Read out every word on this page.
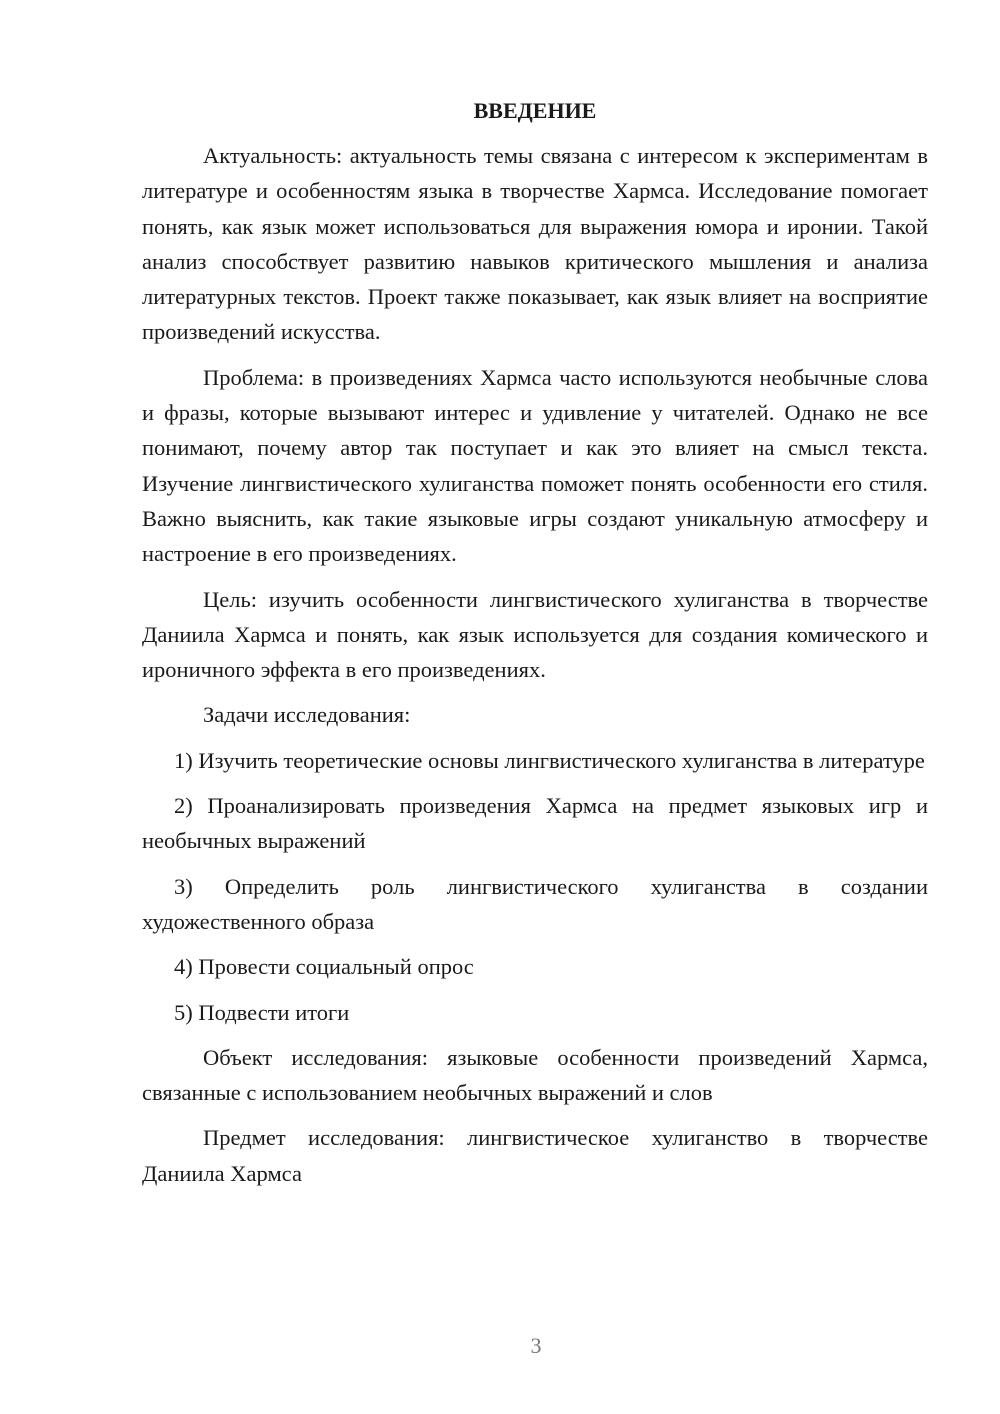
ВВЕДЕНИЕ

Актуальность: актуальность темы связана с интересом к экспериментам в литературе и особенностям языка в творчестве Хармса. Исследование помогает понять, как язык может использоваться для выражения юмора и иронии. Такой анализ способствует развитию навыков критического мышления и анализа литературных текстов. Проект также показывает, как язык влияет на восприятие произведений искусства.

Проблема: в произведениях Хармса часто используются необычные слова и фразы, которые вызывают интерес и удивление у читателей. Однако не все понимают, почему автор так поступает и как это влияет на смысл текста. Изучение лингвистического хулиганства поможет понять особенности его стиля. Важно выяснить, как такие языковые игры создают уникальную атмосферу и настроение в его произведениях.

Цель: изучить особенности лингвистического хулиганства в творчестве Даниила Хармса и понять, как язык используется для создания комического и ироничного эффекта в его произведениях.

Задачи исследования:

1) Изучить теоретические основы лингвистического хулиганства в литературе

2) Проанализировать произведения Хармса на предмет языковых игр и необычных выражений

3) Определить роль лингвистического хулиганства в создании художественного образа

4) Провести социальный опрос

5) Подвести итоги

Объект исследования: языковые особенности произведений Хармса, связанные с использованием необычных выражений и слов

Предмет исследования: лингвистическое хулиганство в творчестве Даниила Хармса

3
